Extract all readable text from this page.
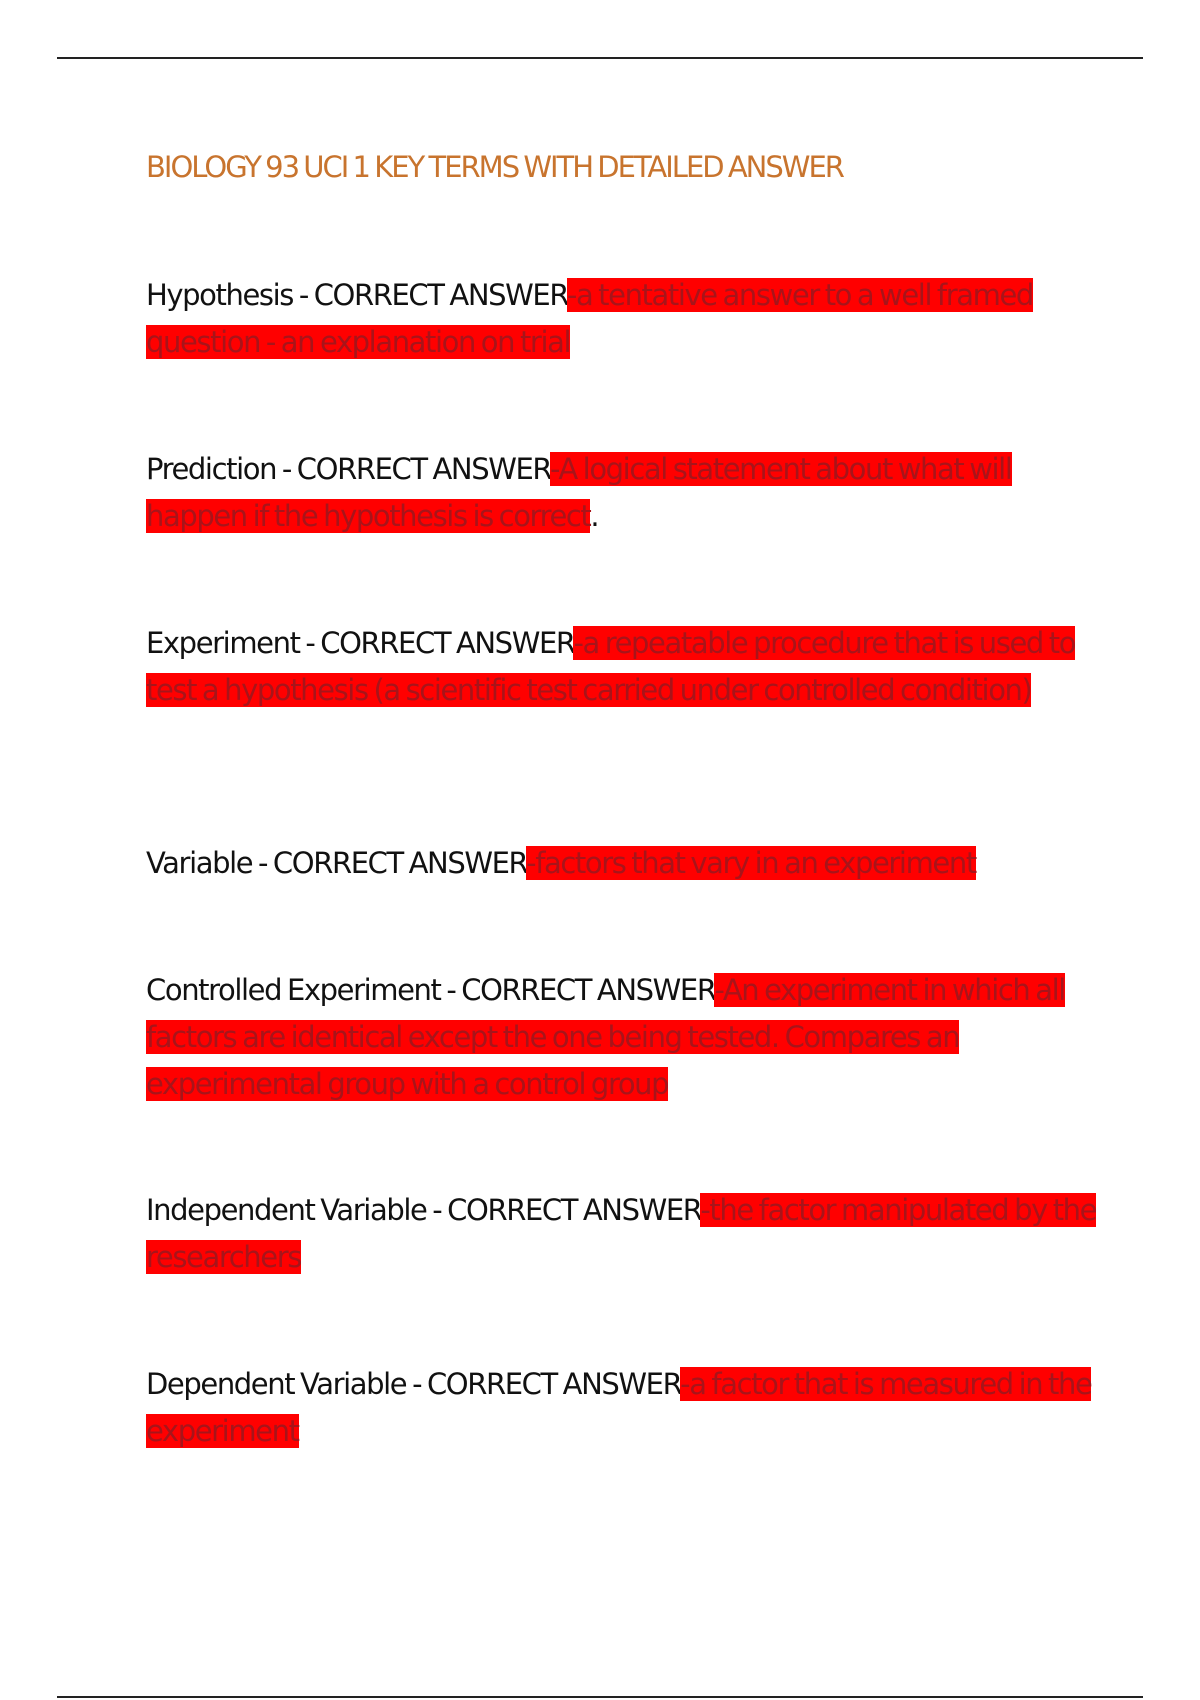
BIOLOGY 93 UCI 1 KEY TERMS WITH DETAILED ANSWER

Hypothesis - CORRECT ANSWER-a tentative answer to a well framed question - an explanation on trial

Prediction - CORRECT ANSWER-A logical statement about what will happen if the hypothesis is correct.

Experiment - CORRECT ANSWER-a repeatable procedure that is used to test a hypothesis (a scientific test carried under controlled condition)

Variable - CORRECT ANSWER-factors that vary in an experiment

Controlled Experiment - CORRECT ANSWER-An experiment in which all factors are identical except the one being tested. Compares an experimental group with a control group

Independent Variable - CORRECT ANSWER-the factor manipulated by the researchers

Dependent Variable - CORRECT ANSWER-a factor that is measured in the experiment
